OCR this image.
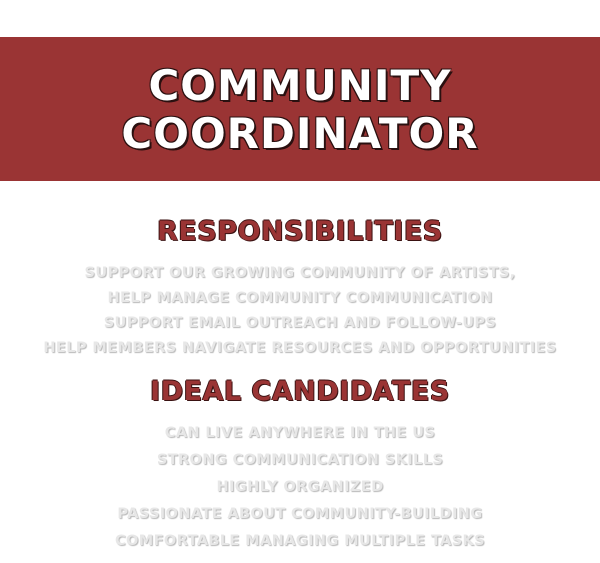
COMMUNITY
COORDINATOR
RESPONSIBILITIES
SUPPORT OUR GROWING COMMUNITY OF ARTISTS,
HELP MANAGE COMMUNITY COMMUNICATION
SUPPORT EMAIL OUTREACH AND FOLLOW-UPS
HELP MEMBERS NAVIGATE RESOURCES AND OPPORTUNITIES
IDEAL CANDIDATES
CAN LIVE ANYWHERE IN THE US
STRONG COMMUNICATION SKILLS
HIGHLY ORGANIZED
PASSIONATE ABOUT COMMUNITY-BUILDING
COMFORTABLE MANAGING MULTIPLE TASKS
